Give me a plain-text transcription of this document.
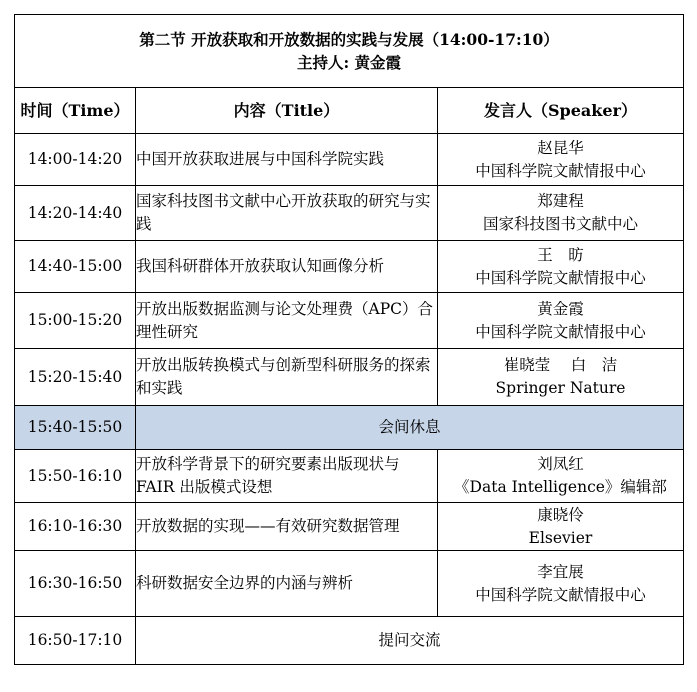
第二节 开放获取和开放数据的实践与发展（14:00-17:10）
主持人: 黄金霞		

时间（Time）	内容（Title）	发言人（Speaker）
14:00-14:20	中国开放获取进展与中国科学院实践	赵昆华
中国科学院文献情报中心

14:20-14:40	国家科技图书文献中心开放获取的研究与实践	郑建程
国家科技图书文献中心

14:40-15:00	我国科研群体开放获取认知画像分析	王　昉
中国科学院文献情报中心

15:00-15:20	开放出版数据监测与论文处理费（APC）合理性研究	黄金霞
中国科学院文献情报中心

15:20-15:40	开放出版转换模式与创新型科研服务的探索和实践	崔晓莹　 白　洁
Springer Nature

15:40-15:50	会间休息	
15:50-16:10	开放科学背景下的研究要素出版现状与FAIR 出版模式设想	刘凤红
《Data Intelligence》编辑部

16:10-16:30	开放数据的实现——有效研究数据管理	康晓伶
Elsevier

16:30-16:50	科研数据安全边界的内涵与辨析	李宜展
中国科学院文献情报中心

16:50-17:10	提问交流	
